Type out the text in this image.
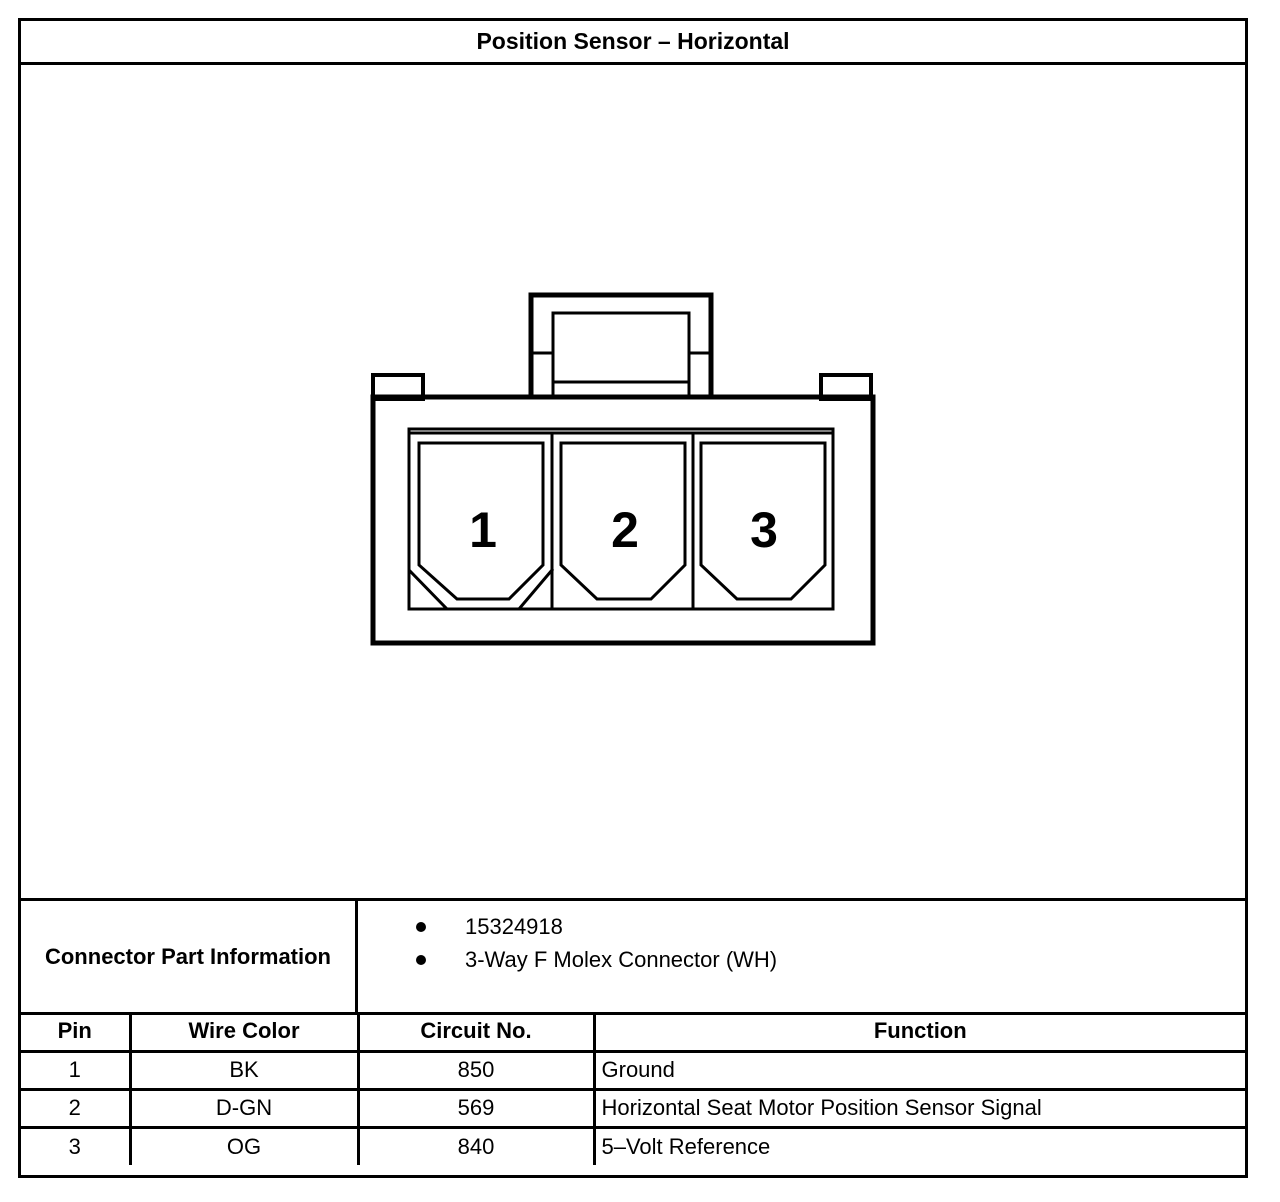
Position Sensor – Horizontal
1 2 3
Connector Part Information
15324918
3-Way F Molex Connector (WH)
Pin	Wire Color	Circuit No.	Function
1	BK	850	Ground
2	D-GN	569	Horizontal Seat Motor Position Sensor Signal
3	OG	840	5–Volt Reference
